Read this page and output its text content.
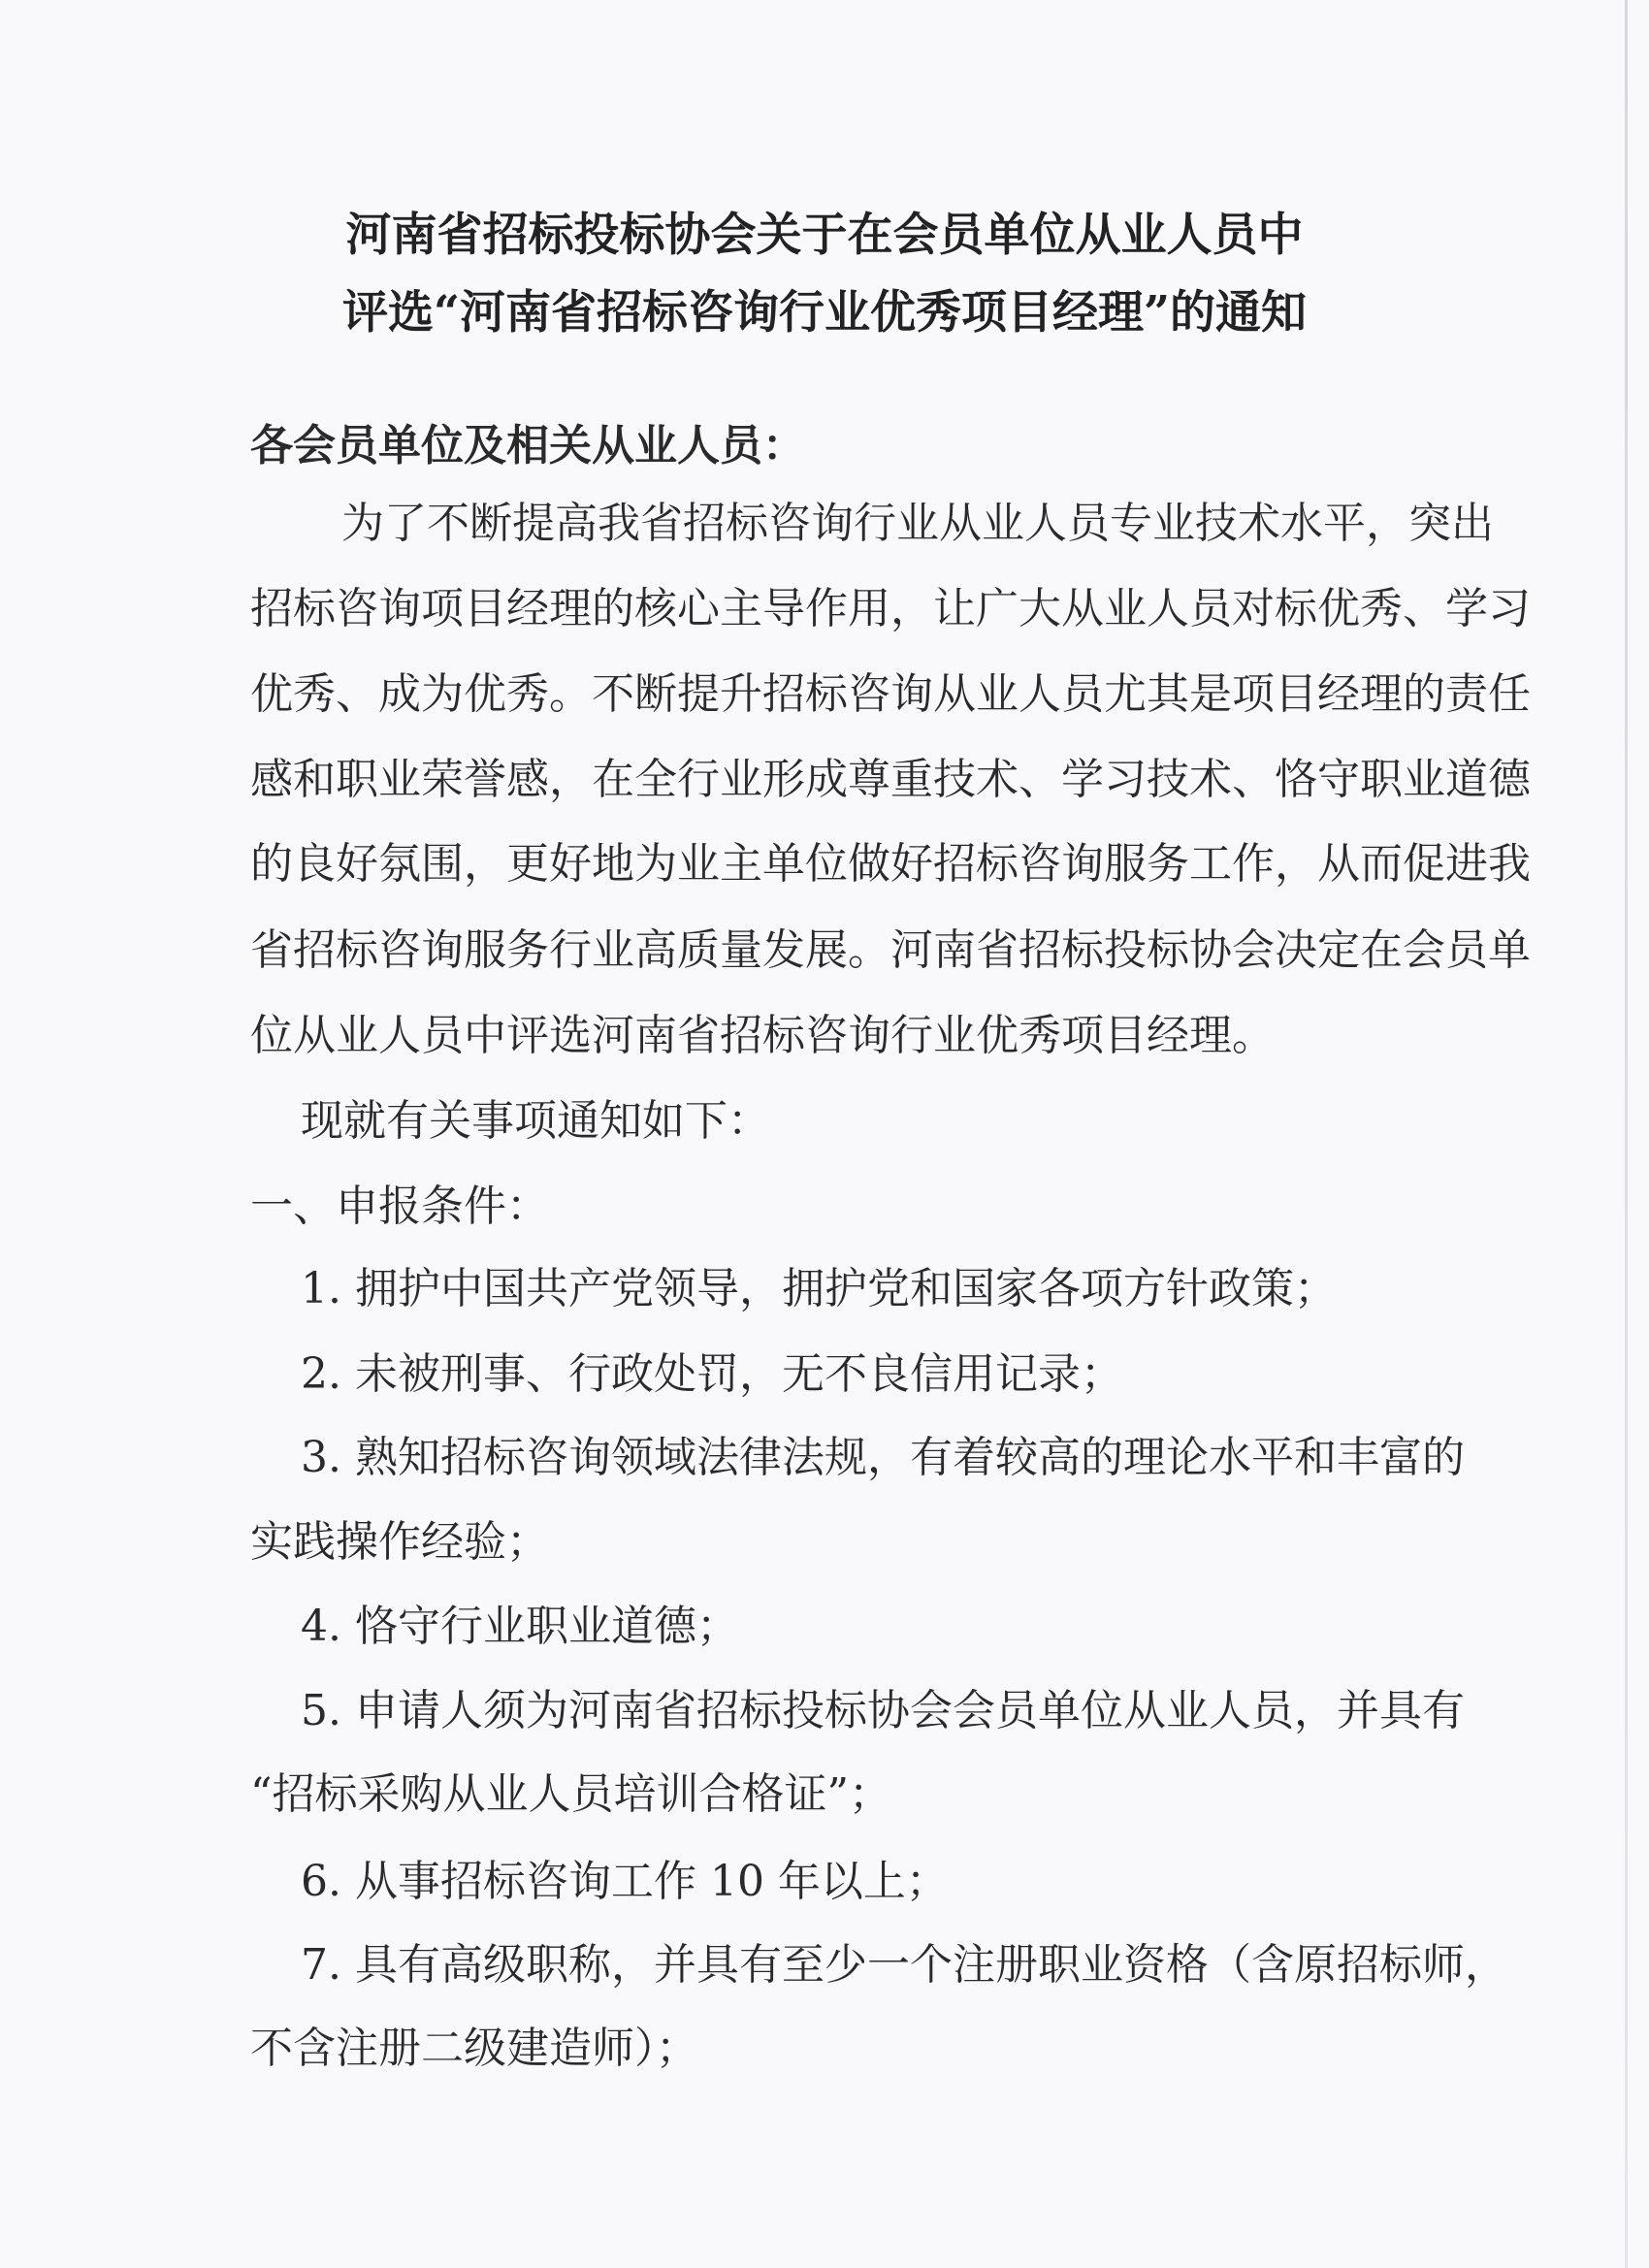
河南省招标投标协会关于在会员单位从业人员中
评选“河南省招标咨询行业优秀项目经理”的通知
各会员单位及相关从业人员：
为了不断提高我省招标咨询行业从业人员专业技术水平，突出
招标咨询项目经理的核心主导作用，让广大从业人员对标优秀、学习
优秀、成为优秀。不断提升招标咨询从业人员尤其是项目经理的责任
感和职业荣誉感，在全行业形成尊重技术、学习技术、恪守职业道德
的良好氛围，更好地为业主单位做好招标咨询服务工作，从而促进我
省招标咨询服务行业高质量发展。河南省招标投标协会决定在会员单
位从业人员中评选河南省招标咨询行业优秀项目经理。
现就有关事项通知如下：
一、申报条件：
1. 拥护中国共产党领导，拥护党和国家各项方针政策；
2. 未被刑事、行政处罚，无不良信用记录；
3. 熟知招标咨询领域法律法规，有着较高的理论水平和丰富的
实践操作经验；
4. 恪守行业职业道德；
5. 申请人须为河南省招标投标协会会员单位从业人员，并具有
“招标采购从业人员培训合格证”；
6. 从事招标咨询工作 10 年以上；
7. 具有高级职称，并具有至少一个注册职业资格（含原招标师，
不含注册二级建造师）；
